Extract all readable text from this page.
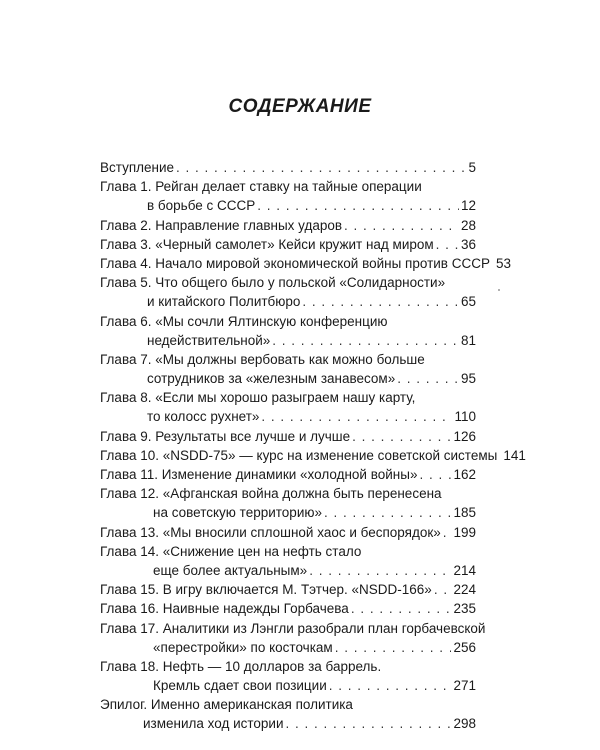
СОДЕРЖАНИЕ
Вступление . . .	5
Глава 1. Рейган делает ставку на тайные операции
в борьбе с СССР . . .	12
Глава 2. Направление главных ударов . . .	28
Глава 3. «Черный самолет» Кейси кружит над миром . . . 36
Глава 4. Начало мировой экономической войны против СССР 53
Глава 5. Что общего было у польской «Солидарности»
и китайского Политбюро . . .	65
Глава 6. «Мы сочли Ялтинскую конференцию
недействительной» . . .	81
Глава 7. «Мы должны вербовать как можно больше
сотрудников за «железным занавесом» . . .	95
Глава 8. «Если мы хорошо разыграем нашу карту,
то колосс рухнет» . . .	110
Глава 9. Результаты все лучше и лучше . . .	126
Глава 10. «NSDD-75» — курс на изменение советской системы 141
Глава 11. Изменение динамики «холодной войны» . . .	162
Глава 12. «Афганская война должна быть перенесена
на советскую территорию» . . .	185
Глава 13. «Мы вносили сплошной хаос и беспорядок» . . . 199
Глава 14. «Снижение цен на нефть стало
еще более актуальным» . . .	214
Глава 15. В игру включается М. Тэтчер. «NSDD-166» . . . 224
Глава 16. Наивные надежды Горбачева . . .	235
Глава 17. Аналитики из Лэнгли разобрали план горбачевской
«перестройки» по косточкам . . .	256
Глава 18. Нефть — 10 долларов за баррель.
Кремль сдает свои позиции . . .	271
Эпилог. Именно американская политика
изменила ход истории . . .	298
